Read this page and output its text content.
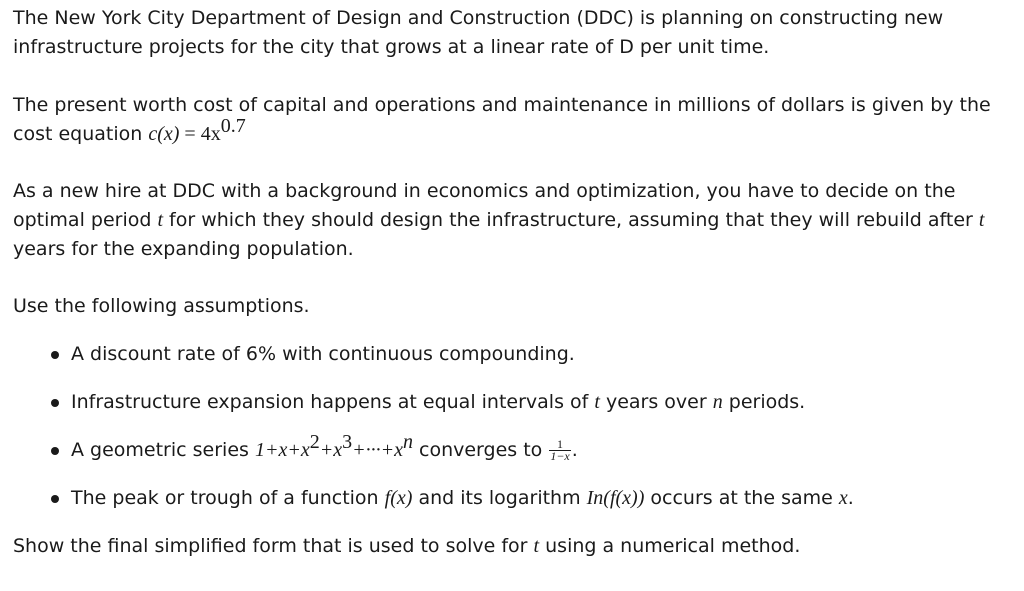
The New York City Department of Design and Construction (DDC) is planning on constructing new
infrastructure projects for the city that grows at a linear rate of D per unit time.
The present worth cost of capital and operations and maintenance in millions of dollars is given by the
cost equation $c(x) = 4x^{0.7}$
As a new hire at DDC with a background in economics and optimization, you have to decide on the
optimal period t for which they should design the infrastructure, assuming that they will rebuild after t
years for the expanding population.
Use the following assumptions.
A discount rate of 6% with continuous compounding.
Infrastructure expansion happens at equal intervals of t years over n periods.
A geometric series $1+x+x^2+x^3+\cdot\cdot\cdot+x^n$ converges to $\frac{1}{1-x}$ .
The peak or trough of a function f(x) and its logarithm In(f(x)) occurs at the same x.
Show the final simplified form that is used to solve for t using a numerical method.
